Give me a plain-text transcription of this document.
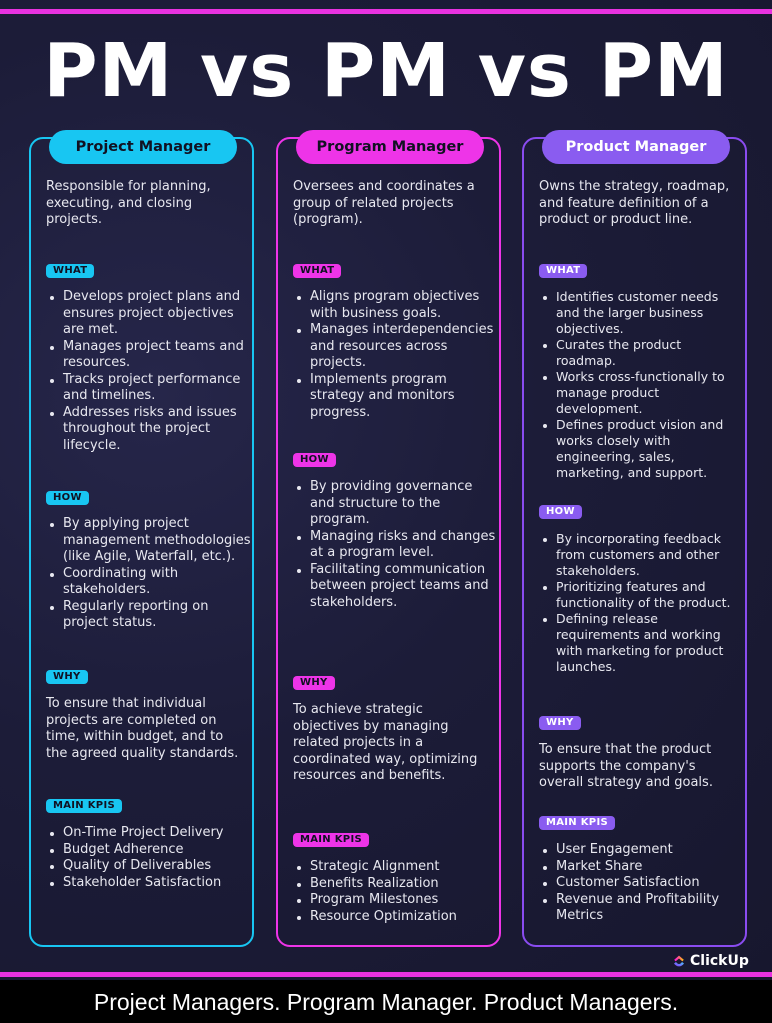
PM vs PM vs PM
Project Manager
Responsible for planning, executing, and closing projects.
WHAT
Develops project plans and ensures project objectives are met.
Manages project teams and resources.
Tracks project performance and timelines.
Addresses risks and issues throughout the project lifecycle.
HOW
By applying project management methodologies (like Agile, Waterfall, etc.).
Coordinating with stakeholders.
Regularly reporting on project status.
WHY
To ensure that individual projects are completed on time, within budget, and to the agreed quality standards.
MAIN KPIS
On-Time Project Delivery
Budget Adherence
Quality of Deliverables
Stakeholder Satisfaction
Program Manager
Oversees and coordinates a group of related projects (program).
WHAT
Aligns program objectives with business goals.
Manages interdependencies and resources across projects.
Implements program strategy and monitors progress.
HOW
By providing governance and structure to the program.
Managing risks and changes at a program level.
Facilitating communication between project teams and stakeholders.
WHY
To achieve strategic objectives by managing related projects in a coordinated way, optimizing resources and benefits.
MAIN KPIS
Strategic Alignment
Benefits Realization
Program Milestones
Resource Optimization
Product Manager
Owns the strategy, roadmap, and feature definition of a product or product line.
WHAT
Identifies customer needs and the larger business objectives.
Curates the product roadmap.
Works cross-functionally to manage product development.
Defines product vision and works closely with engineering, sales, marketing, and support.
HOW
By incorporating feedback from customers and other stakeholders.
Prioritizing features and functionality of the product.
Defining release requirements and working with marketing for product launches.
WHY
To ensure that the product supports the company's overall strategy and goals.
MAIN KPIS
User Engagement
Market Share
Customer Satisfaction
Revenue and Profitability Metrics
ClickUp
Project Managers. Program Manager. Product Managers.
